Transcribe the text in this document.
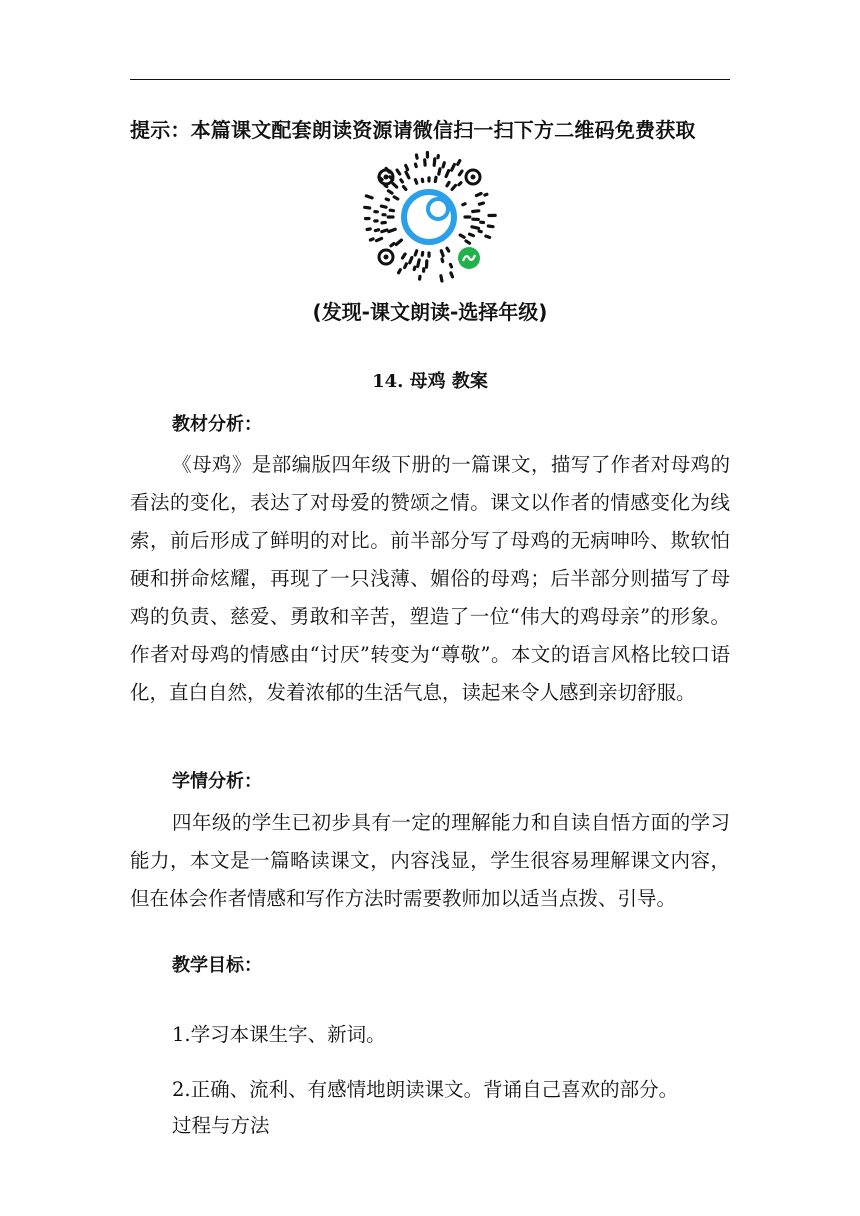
提示：本篇课文配套朗读资源请微信扫一扫下方二维码免费获取
(发现-课文朗读-选择年级)
14. 母鸡 教案
教材分析：
《母鸡》是部编版四年级下册的一篇课文，描写了作者对母鸡的看法的变化，表达了对母爱的赞颂之情。课文以作者的情感变化为线索，前后形成了鲜明的对比。前半部分写了母鸡的无病呻吟、欺软怕硬和拼命炫耀，再现了一只浅薄、媚俗的母鸡；后半部分则描写了母鸡的负责、慈爱、勇敢和辛苦，塑造了一位“伟大的鸡母亲”的形象。作者对母鸡的情感由“讨厌”转变为“尊敬”。本文的语言风格比较口语化，直白自然，发着浓郁的生活气息，读起来令人感到亲切舒服。
学情分析：
四年级的学生已初步具有一定的理解能力和自读自悟方面的学习能力，本文是一篇略读课文，内容浅显，学生很容易理解课文内容，但在体会作者情感和写作方法时需要教师加以适当点拨、引导。
教学目标：
1.学习本课生字、新词。
2.正确、流利、有感情地朗读课文。背诵自己喜欢的部分。
过程与方法
